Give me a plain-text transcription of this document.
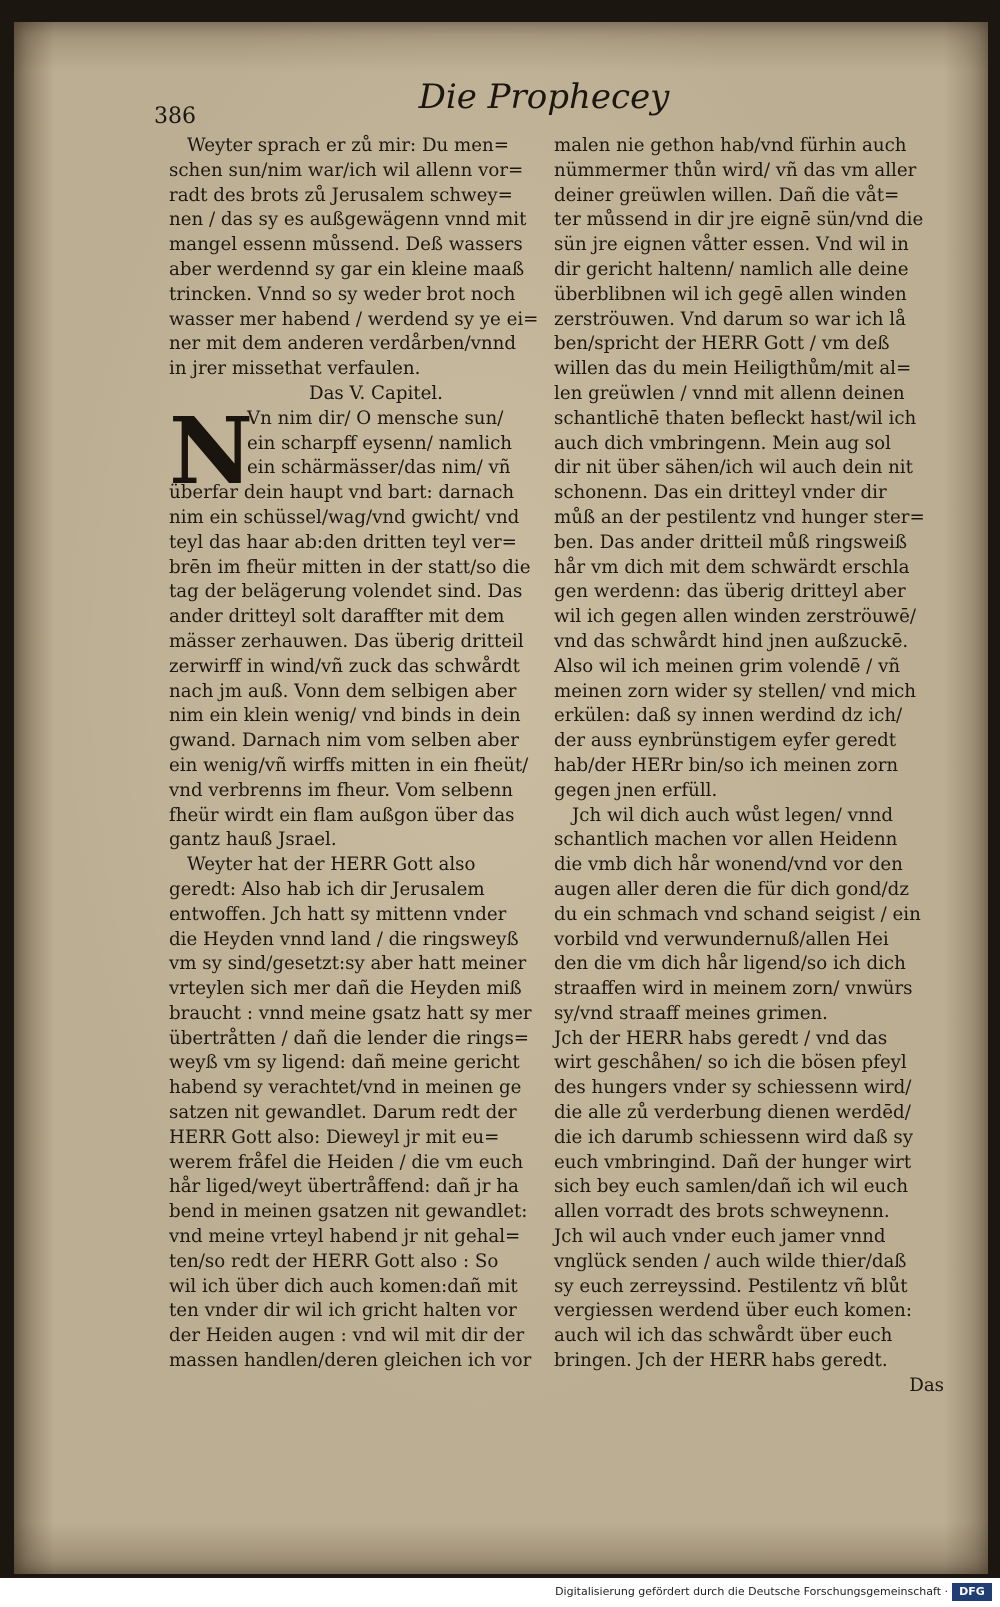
386	Die Prophecey
Weyter sprach er zů mir: Du men=
schen sun/nim war/ich wil allenn vor=
radt des brots zů Jerusalem schwey=
nen / das sy es außgewägenn vnnd mit
mangel essenn můssend. Deß wassers
aber werdennd sy gar ein kleine maaß
trincken. Vnnd so sy weder brot noch
wasser mer habend / werdend sy ye ei=
ner mit dem anderen verdårben/vnnd
in jrer missethat verfaulen.
Das V. Capitel.
N
Vn nim dir/ O mensche sun/
ein scharpff eysenn/ namlich
ein schärmässer/das nim/ vñ
überfar dein haupt vnd bart: darnach
nim ein schüssel/wag/vnd gwicht/ vnd
teyl das haar ab:den dritten teyl ver=
brēn im fheür mitten in der statt/so die
tag der belägerung volendet sind. Das
ander dritteyl solt daraffter mit dem
mässer zerhauwen. Das überig dritteil
zerwirff in wind/vñ zuck das schwårdt
nach jm auß. Vonn dem selbigen aber
nim ein klein wenig/ vnd binds in dein
gwand. Darnach nim vom selben aber
ein wenig/vñ wirffs mitten in ein fheüt/
vnd verbrenns im fheur. Vom selbenn
fheür wirdt ein flam außgon über das
gantz hauß Jsrael.
Weyter hat der HERR Gott also
geredt: Also hab ich dir Jerusalem
entwoffen. Jch hatt sy mittenn vnder
die Heyden vnnd land / die ringsweyß
vm sy sind/gesetzt:sy aber hatt meiner
vrteylen sich mer dañ die Heyden miß
braucht : vnnd meine gsatz hatt sy mer
übertråtten / dañ die lender die rings=
weyß vm sy ligend: dañ meine gericht
habend sy verachtet/vnd in meinen ge
satzen nit gewandlet. Darum redt der
HERR Gott also: Dieweyl jr mit eu=
werem fråfel die Heiden / die vm euch
hår liged/weyt übertråffend: dañ jr ha
bend in meinen gsatzen nit gewandlet:
vnd meine vrteyl habend jr nit gehal=
ten/so redt der HERR Gott also : So
wil ich über dich auch komen:dañ mit
ten vnder dir wil ich gricht halten vor
der Heiden augen : vnd wil mit dir der
massen handlen/deren gleichen ich vor
malen nie gethon hab/vnd fürhin auch
nümmermer thůn wird/ vñ das vm aller
deiner greüwlen willen. Dañ die våt=
ter můssend in dir jre eignē sün/vnd die
sün jre eignen våtter essen. Vnd wil in
dir gericht haltenn/ namlich alle deine
überblibnen wil ich gegē allen winden
zerströuwen. Vnd darum so war ich lå
ben/spricht der HERR Gott / vm deß
willen das du mein Heiligthům/mit al=
len greüwlen / vnnd mit allenn deinen
schantlichē thaten befleckt hast/wil ich
auch dich vmbringenn. Mein aug sol
dir nit über sähen/ich wil auch dein nit
schonenn. Das ein dritteyl vnder dir
můß an der pestilentz vnd hunger ster=
ben. Das ander dritteil můß ringsweiß
hår vm dich mit dem schwärdt erschla
gen werdenn: das überig dritteyl aber
wil ich gegen allen winden zerströuwē/
vnd das schwårdt hind jnen außzuckē.
Also wil ich meinen grim volendē / vñ
meinen zorn wider sy stellen/ vnd mich
erkülen: daß sy innen werdind dz ich/
der auss eynbrünstigem eyfer geredt
hab/der HERr bin/so ich meinen zorn
gegen jnen erfüll.
Jch wil dich auch wůst legen/ vnnd
schantlich machen vor allen Heidenn
die vmb dich hår wonend/vnd vor den
augen aller deren die für dich gond/dz
du ein schmach vnd schand seigist / ein
vorbild vnd verwundernuß/allen Hei
den die vm dich hår ligend/so ich dich
straaffen wird in meinem zorn/ vnwürs
sy/vnd straaff meines grimen.
Jch der HERR habs geredt / vnd das
wirt geschåhen/ so ich die bösen pfeyl
des hungers vnder sy schiessenn wird/
die alle zů verderbung dienen werdēd/
die ich darumb schiessenn wird daß sy
euch vmbringind. Dañ der hunger wirt
sich bey euch samlen/dañ ich wil euch
allen vorradt des brots schweynenn.
Jch wil auch vnder euch jamer vnnd
vnglück senden / auch wilde thier/daß
sy euch zerreyssind. Pestilentz vñ blůt
vergiessen werdend über euch komen:
auch wil ich das schwårdt über euch
bringen. Jch der HERR habs geredt.
Das
Digitalisierung gefördert durch die Deutsche Forschungsgemeinschaft ·	DFG
